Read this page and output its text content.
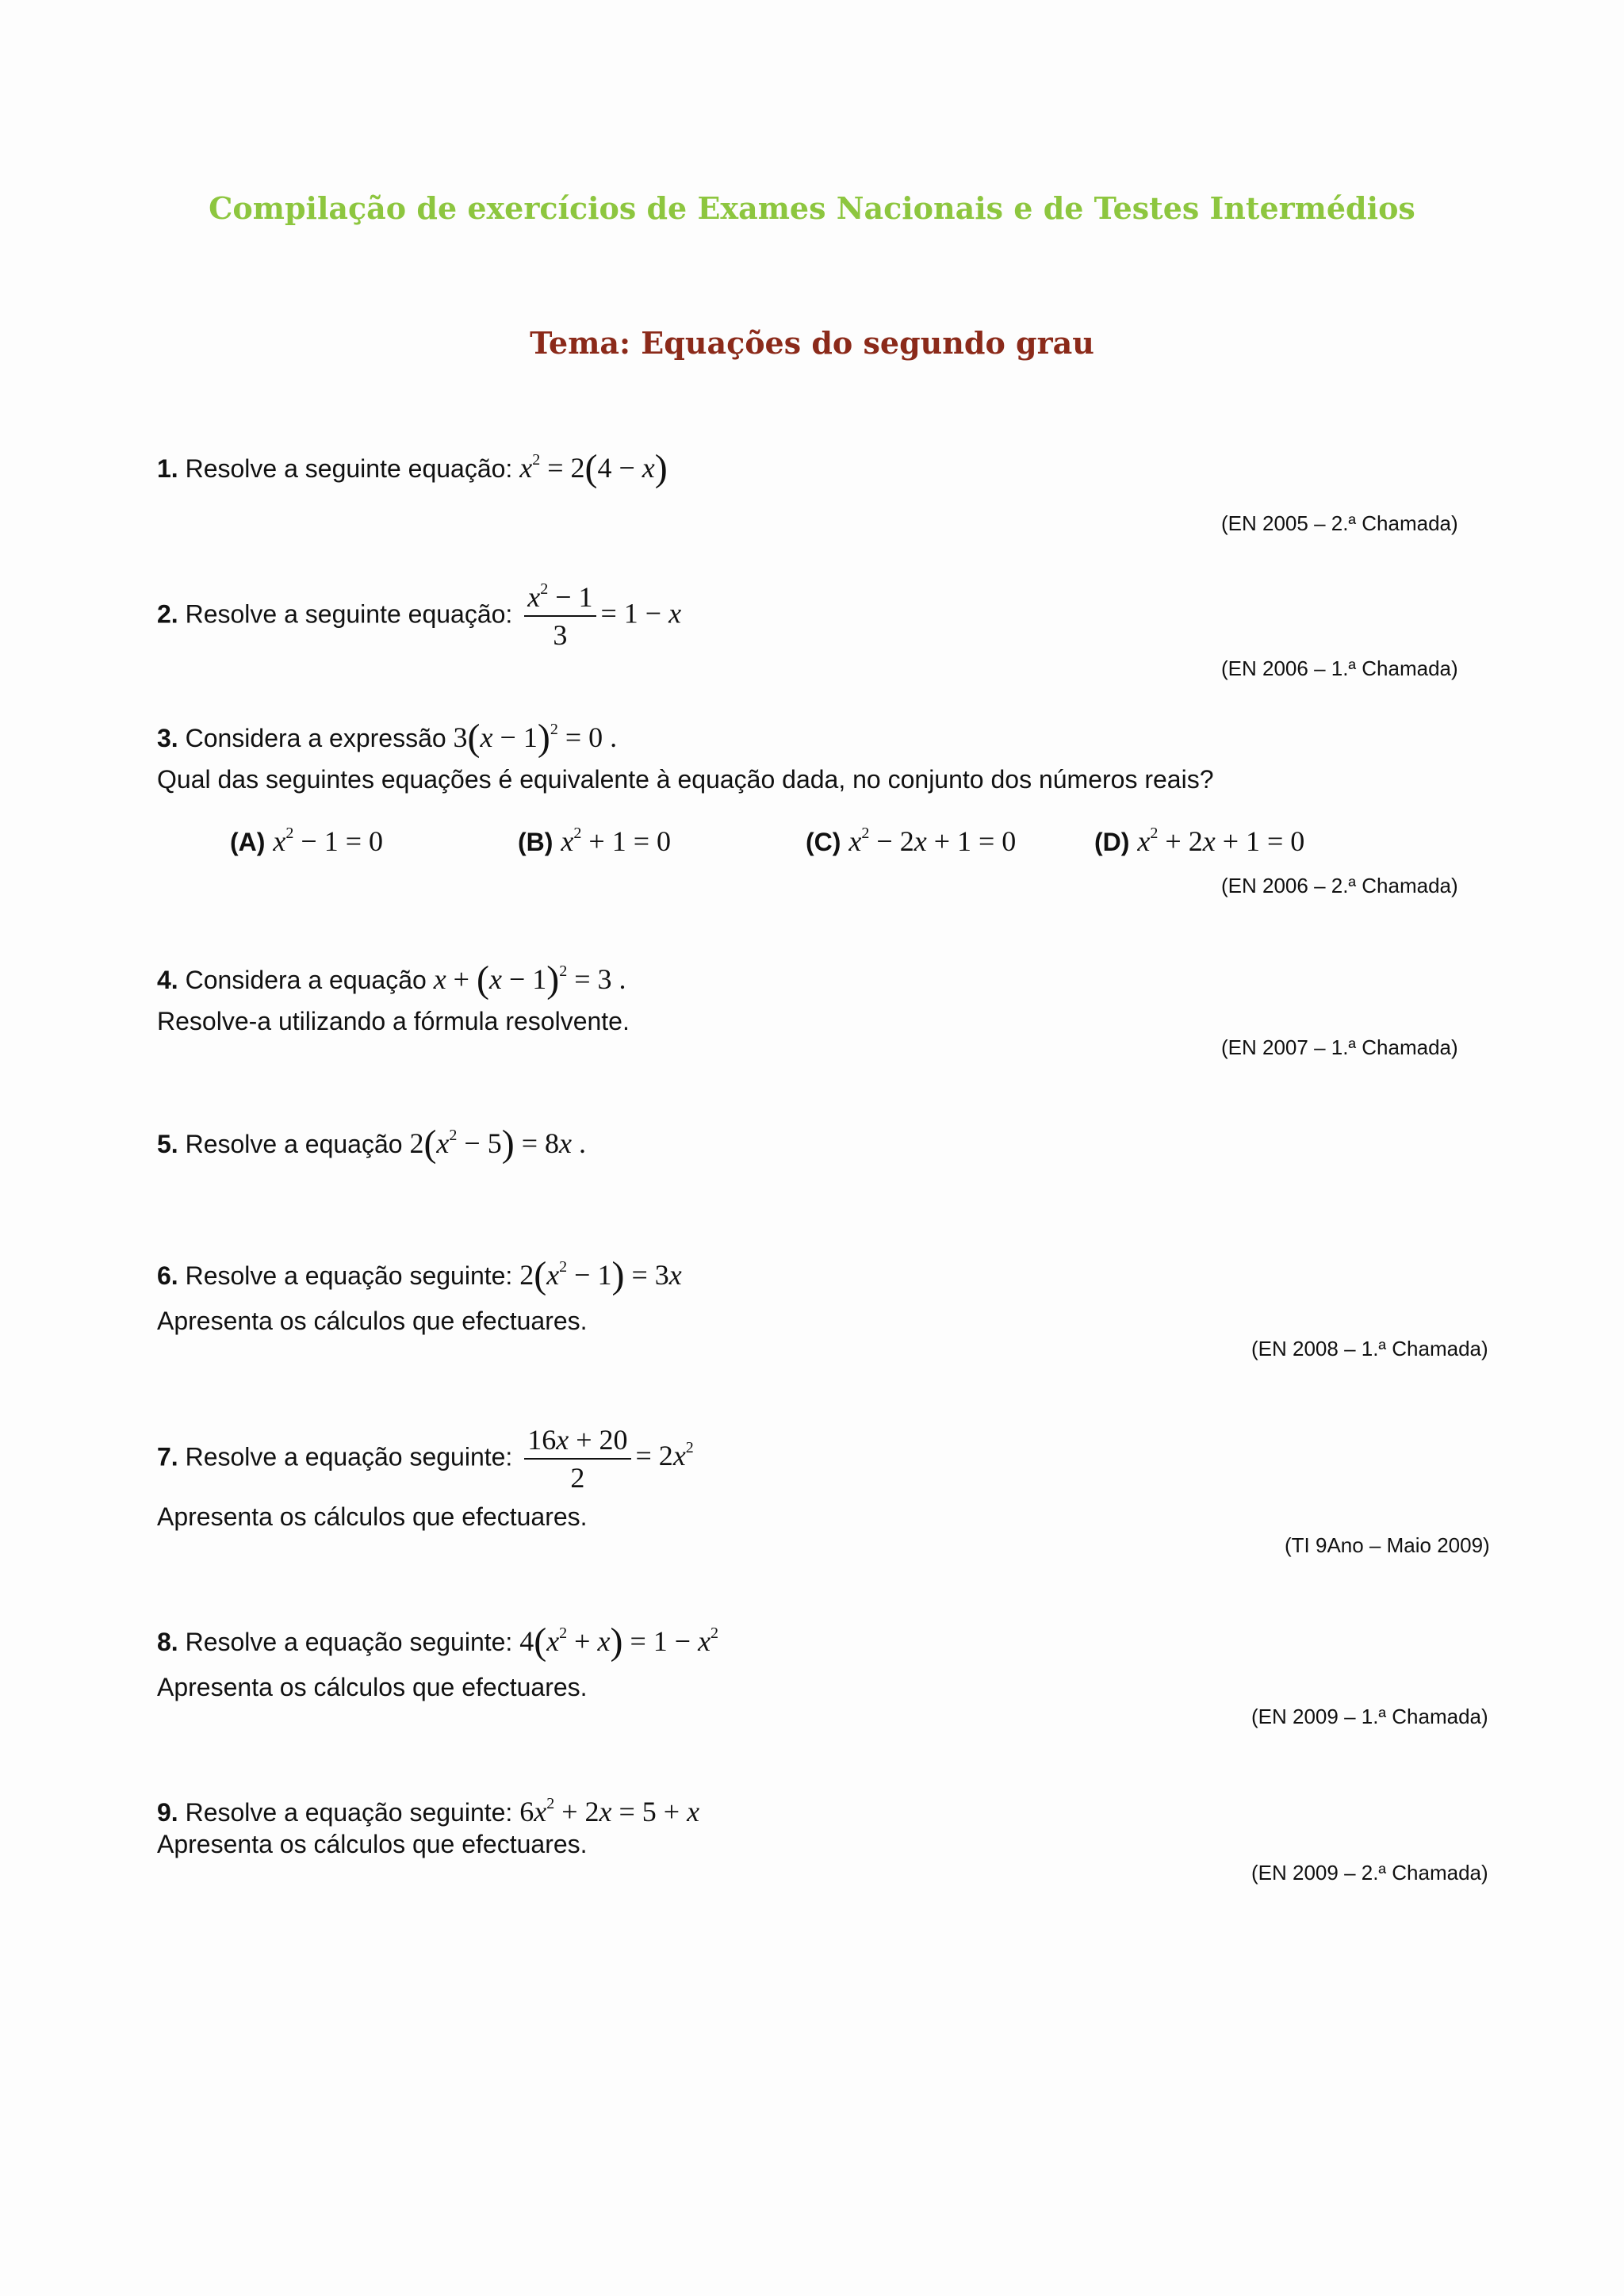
Compilação de exercícios de Exames Nacionais e de Testes Intermédios
Tema: Equações do segundo grau
1. Resolve a seguinte equação: $x^2 = 2(4 - x)$
(EN 2005 – 2.ª Chamada)
2. Resolve a seguinte equação: $\frac{x^2 - 1}{3} = 1 - x$
(EN 2006 – 1.ª Chamada)
3. Considera a expressão $3(x - 1)^2 = 0$ .
Qual das seguintes equações é equivalente à equação dada, no conjunto dos números reais?
(A) $x^2 - 1 = 0$	(B) $x^2 + 1 = 0$	(C) $x^2 - 2x + 1 = 0$	(D) $x^2 + 2x + 1 = 0$
(EN 2006 – 2.ª Chamada)
4. Considera a equação $x + (x - 1)^2 = 3$ .
Resolve-a utilizando a fórmula resolvente.
(EN 2007 – 1.ª Chamada)
5. Resolve a equação $2(x^2 - 5) = 8x$ .
6. Resolve a equação seguinte: $2(x^2 - 1) = 3x$
Apresenta os cálculos que efectuares.
(EN 2008 – 1.ª Chamada)
7. Resolve a equação seguinte: $\frac{16x + 20}{2} = 2x^2$
Apresenta os cálculos que efectuares.
(TI 9Ano – Maio 2009)
8. Resolve a equação seguinte: $4(x^2 + x) = 1 - x^2$
Apresenta os cálculos que efectuares.
(EN 2009 – 1.ª Chamada)
9. Resolve a equação seguinte: $6x^2 + 2x = 5 + x$
Apresenta os cálculos que efectuares.
(EN 2009 – 2.ª Chamada)
